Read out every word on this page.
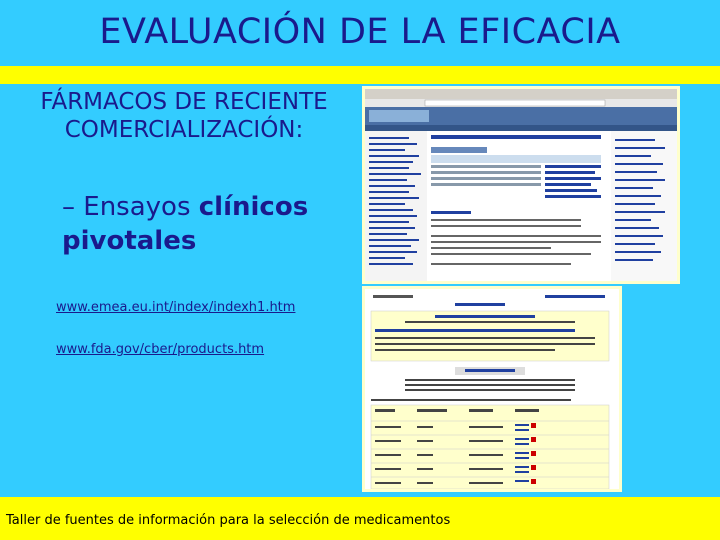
EVALUACIÓN DE LA EFICACIA
FÁRMACOS DE RECIENTE COMERCIALIZACIÓN:
– Ensayos clínicos pivotales
www.emea.eu.int/index/indexh1.htm
www.fda.gov/cber/products.htm
Taller de fuentes de información para la selección de medicamentos
